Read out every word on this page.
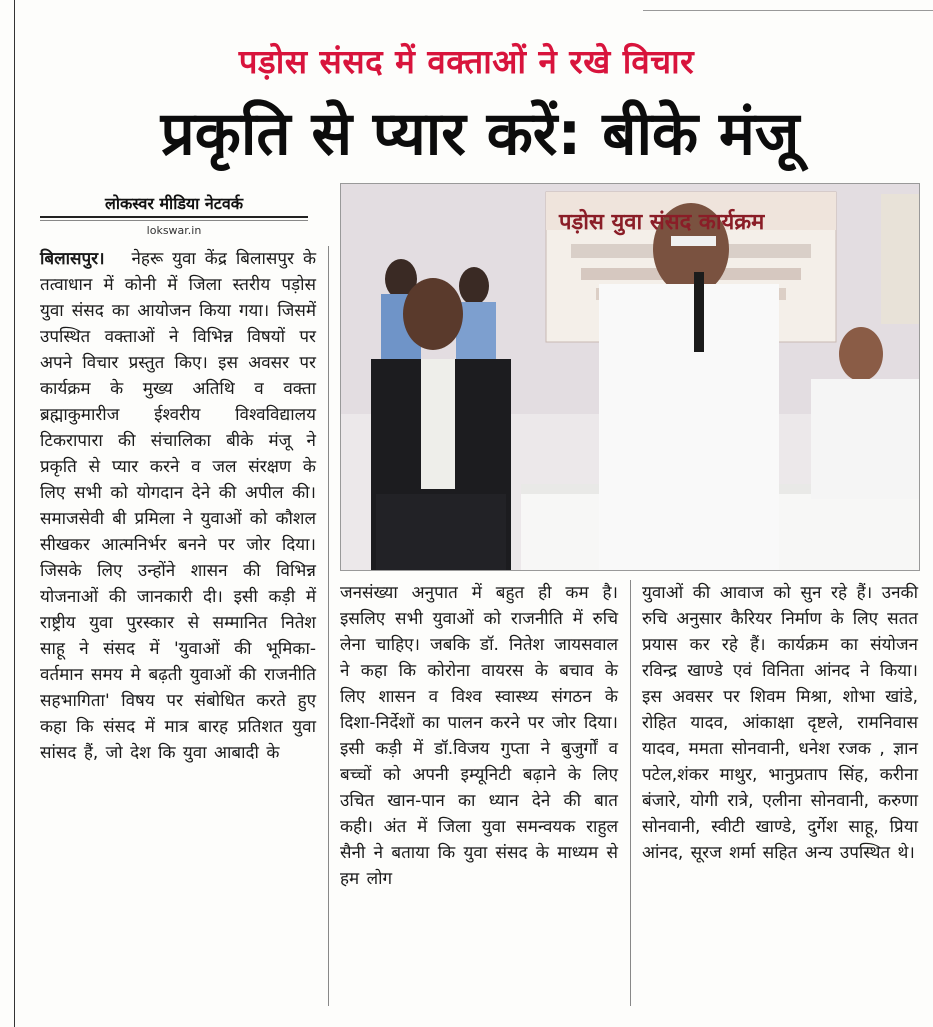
पड़ोस संसद में वक्ताओं ने रखे विचार
प्रकृति से प्यार करें: बीके मंजू
लोकस्वर मीडिया नेटवर्क
lokswar.in
बिलासपुर। नेहरू युवा केंद्र बिलासपुर के तत्वाधान में कोनी में जिला स्तरीय पड़ोस युवा संसद का आयोजन किया गया। जिसमें उपस्थित वक्ताओं ने विभिन्न विषयों पर अपने विचार प्रस्तुत किए। इस अवसर पर कार्यक्रम के मुख्य अतिथि व वक्ता ब्रह्माकुमारीज ईश्वरीय विश्वविद्यालय टिकरापारा की संचालिका बीके मंजू ने प्रकृति से प्यार करने व जल संरक्षण के लिए सभी को योगदान देने की अपील की। समाजसेवी बी प्रमिला ने युवाओं को कौशल सीखकर आत्मनिर्भर बनने पर जोर दिया। जिसके लिए उन्होंने शासन की विभिन्न योजनाओं की जानकारी दी। इसी कड़ी में राष्ट्रीय युवा पुरस्कार से सम्मानित नितेश साहू ने संसद में 'युवाओं की भूमिका-वर्तमान समय मे बढ़ती युवाओं की राजनीति सहभागिता' विषय पर संबोधित करते हुए कहा कि संसद में मात्र बारह प्रतिशत युवा सांसद हैं, जो देश कि युवा आबादी के
पड़ोस युवा संसद कार्यक्रम
जनसंख्या अनुपात में बहुत ही कम है। इसलिए सभी युवाओं को राजनीति में रुचि लेना चाहिए। जबकि डॉ. नितेश जायसवाल ने कहा कि कोरोना वायरस के बचाव के लिए शासन व विश्व स्वास्थ्य संगठन के दिशा-निर्देशों का पालन करने पर जोर दिया। इसी कड़ी में डॉ.विजय गुप्ता ने बुजुर्गों व बच्चों को अपनी इम्यूनिटी बढ़ाने के लिए उचित खान-पान का ध्यान देने की बात कही। अंत में जिला युवा समन्वयक राहुल सैनी ने बताया कि युवा संसद के माध्यम से हम लोग
युवाओं की आवाज को सुन रहे हैं। उनकी रुचि अनुसार कैरियर निर्माण के लिए सतत प्रयास कर रहे हैं। कार्यक्रम का संयोजन रविन्द्र खाण्डे एवं विनिता आंनद ने किया। इस अवसर पर शिवम मिश्रा, शोभा खांडे, रोहित यादव, आंकाक्षा दृष्टले, रामनिवास यादव, ममता सोनवानी, धनेश रजक , ज्ञान पटेल,शंकर माथुर, भानुप्रताप सिंह, करीना बंजारे, योगी रात्रे, एलीना सोनवानी, करुणा सोनवानी, स्वीटी खाण्डे, दुर्गेश साहू, प्रिया आंनद, सूरज शर्मा सहित अन्य उपस्थित थे।
